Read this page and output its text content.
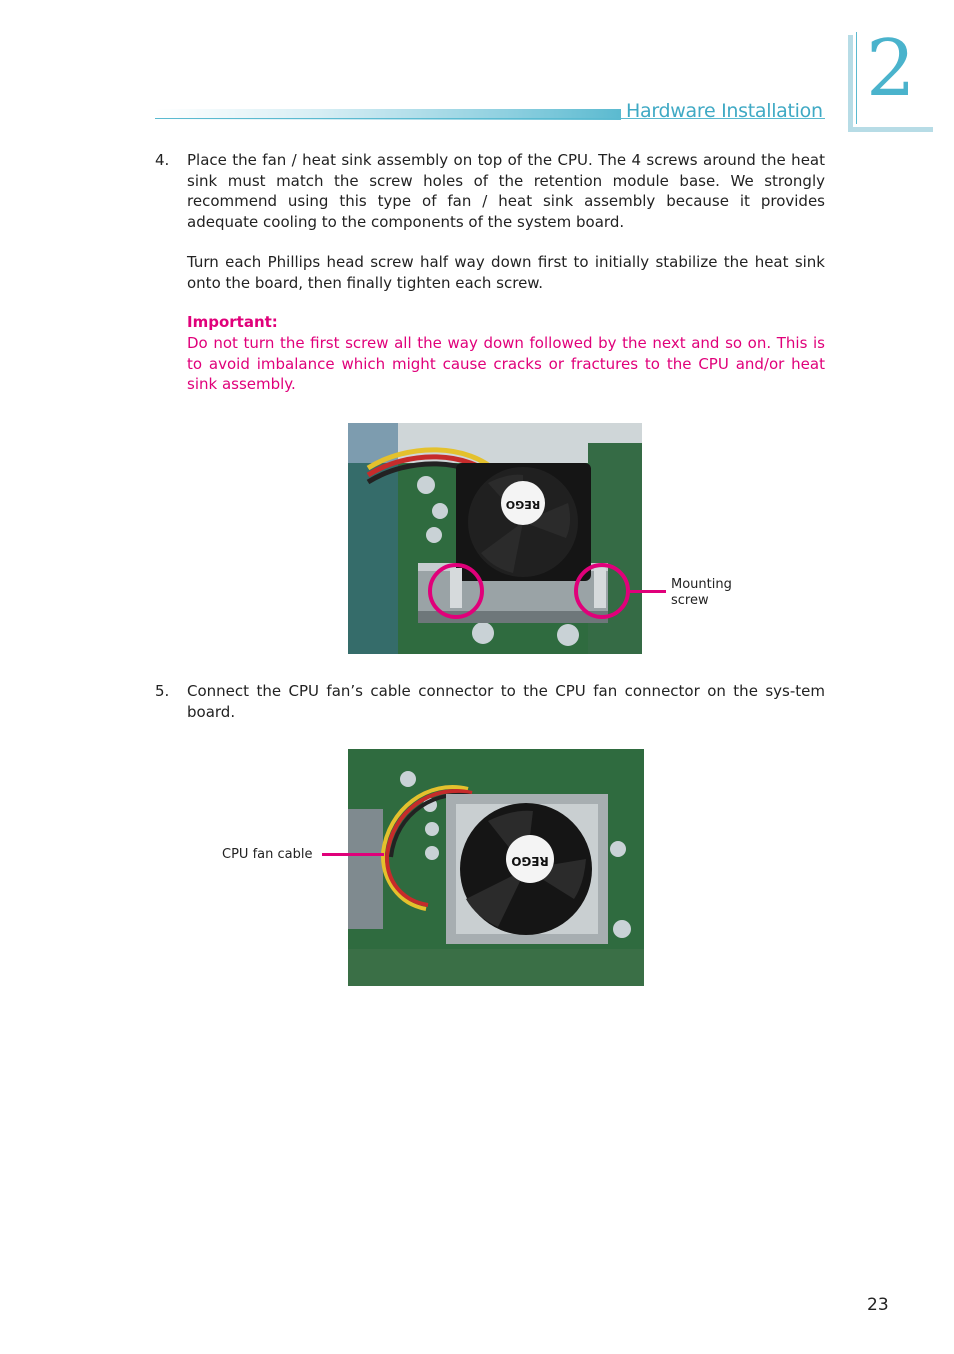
Hardware Installation 2
4. Place the fan / heat sink assembly on top of the CPU. The 4 screws around the heat sink must match the screw holes of the retention module base. We strongly recommend using this type of fan / heat sink assembly because it provides adequate cooling to the components of the system board.

Turn each Phillips head screw half way down first to initially stabilize the heat sink onto the board, then finally tighten each screw.

Important:

Do not turn the first screw all the way down followed by the next and so on. This is to avoid imbalance which might cause cracks or fractures to the CPU and/or heat sink assembly.

REGO
Mounting screw
5. Connect the CPU fan’s cable connector to the CPU fan connector on the sys-tem board.

REGO
CPU fan cable
23
